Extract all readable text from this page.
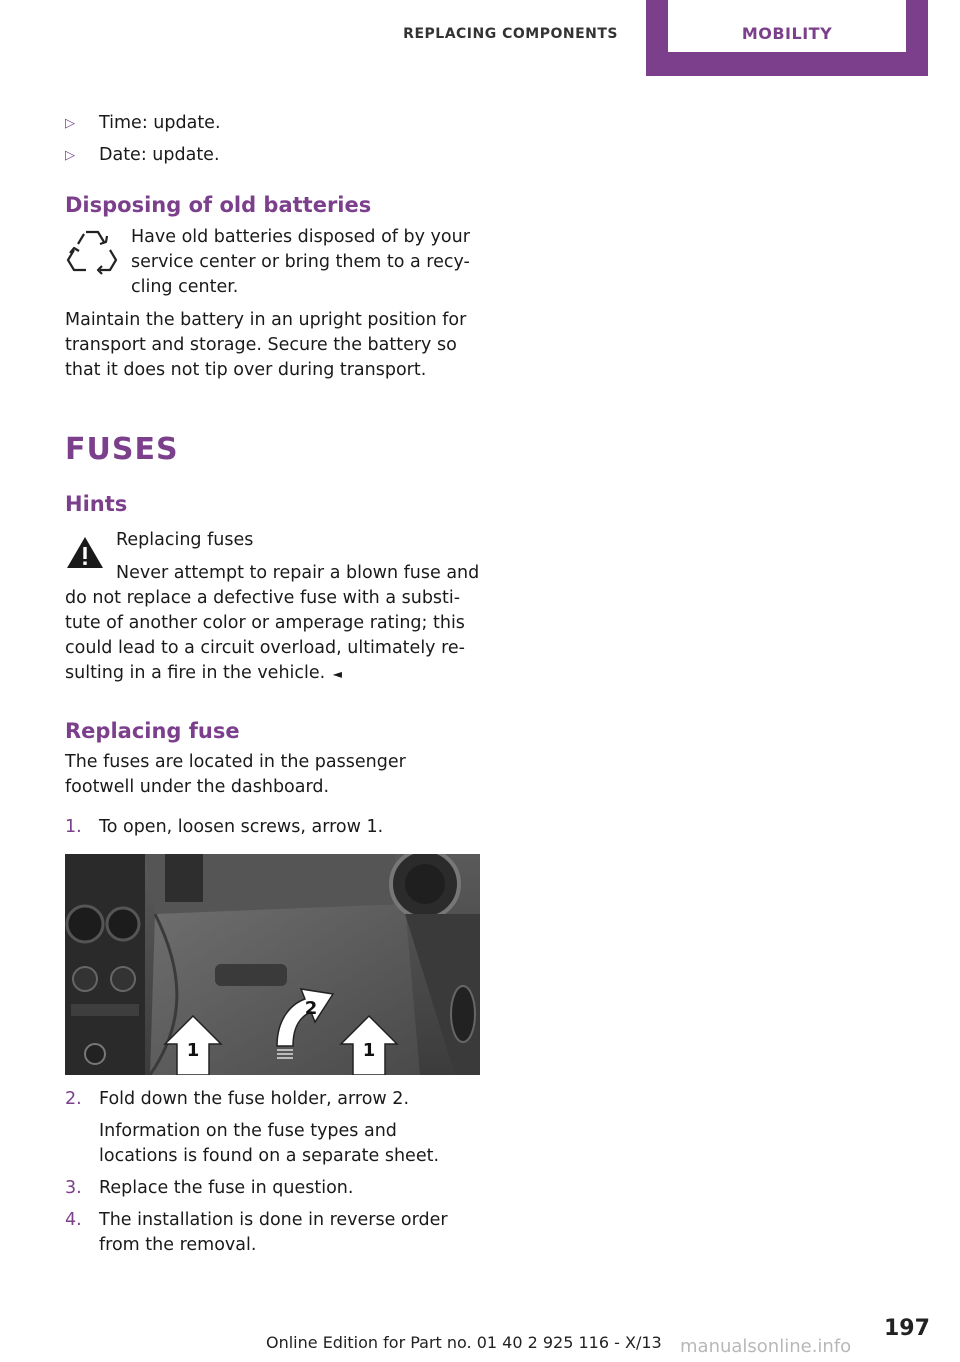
REPLACING COMPONENTS	MOBILITY
▷ Time: update.
▷ Date: update.
Disposing of old batteries
Have old batteries disposed of by your service center or bring them to a recy-cling center.
Maintain the battery in an upright position for transport and storage. Secure the battery so that it does not tip over during transport.
FUSES
Hints
Replacing fuses
Never attempt to repair a blown fuse and do not replace a defective fuse with a substi-tute of another color or amperage rating; this could lead to a circuit overload, ultimately re-sulting in a fire in the vehicle. ◄
Replacing fuse
The fuses are located in the passenger footwell under the dashboard.
1. To open, loosen screws, arrow 1.
1
2
1
2. Fold down the fuse holder, arrow 2.
Information on the fuse types and locations is found on a separate sheet.
3. Replace the fuse in question.
4. The installation is done in reverse order from the removal.
197
Online Edition for Part no. 01 40 2 925 116 - X/13 manualsonline.info
